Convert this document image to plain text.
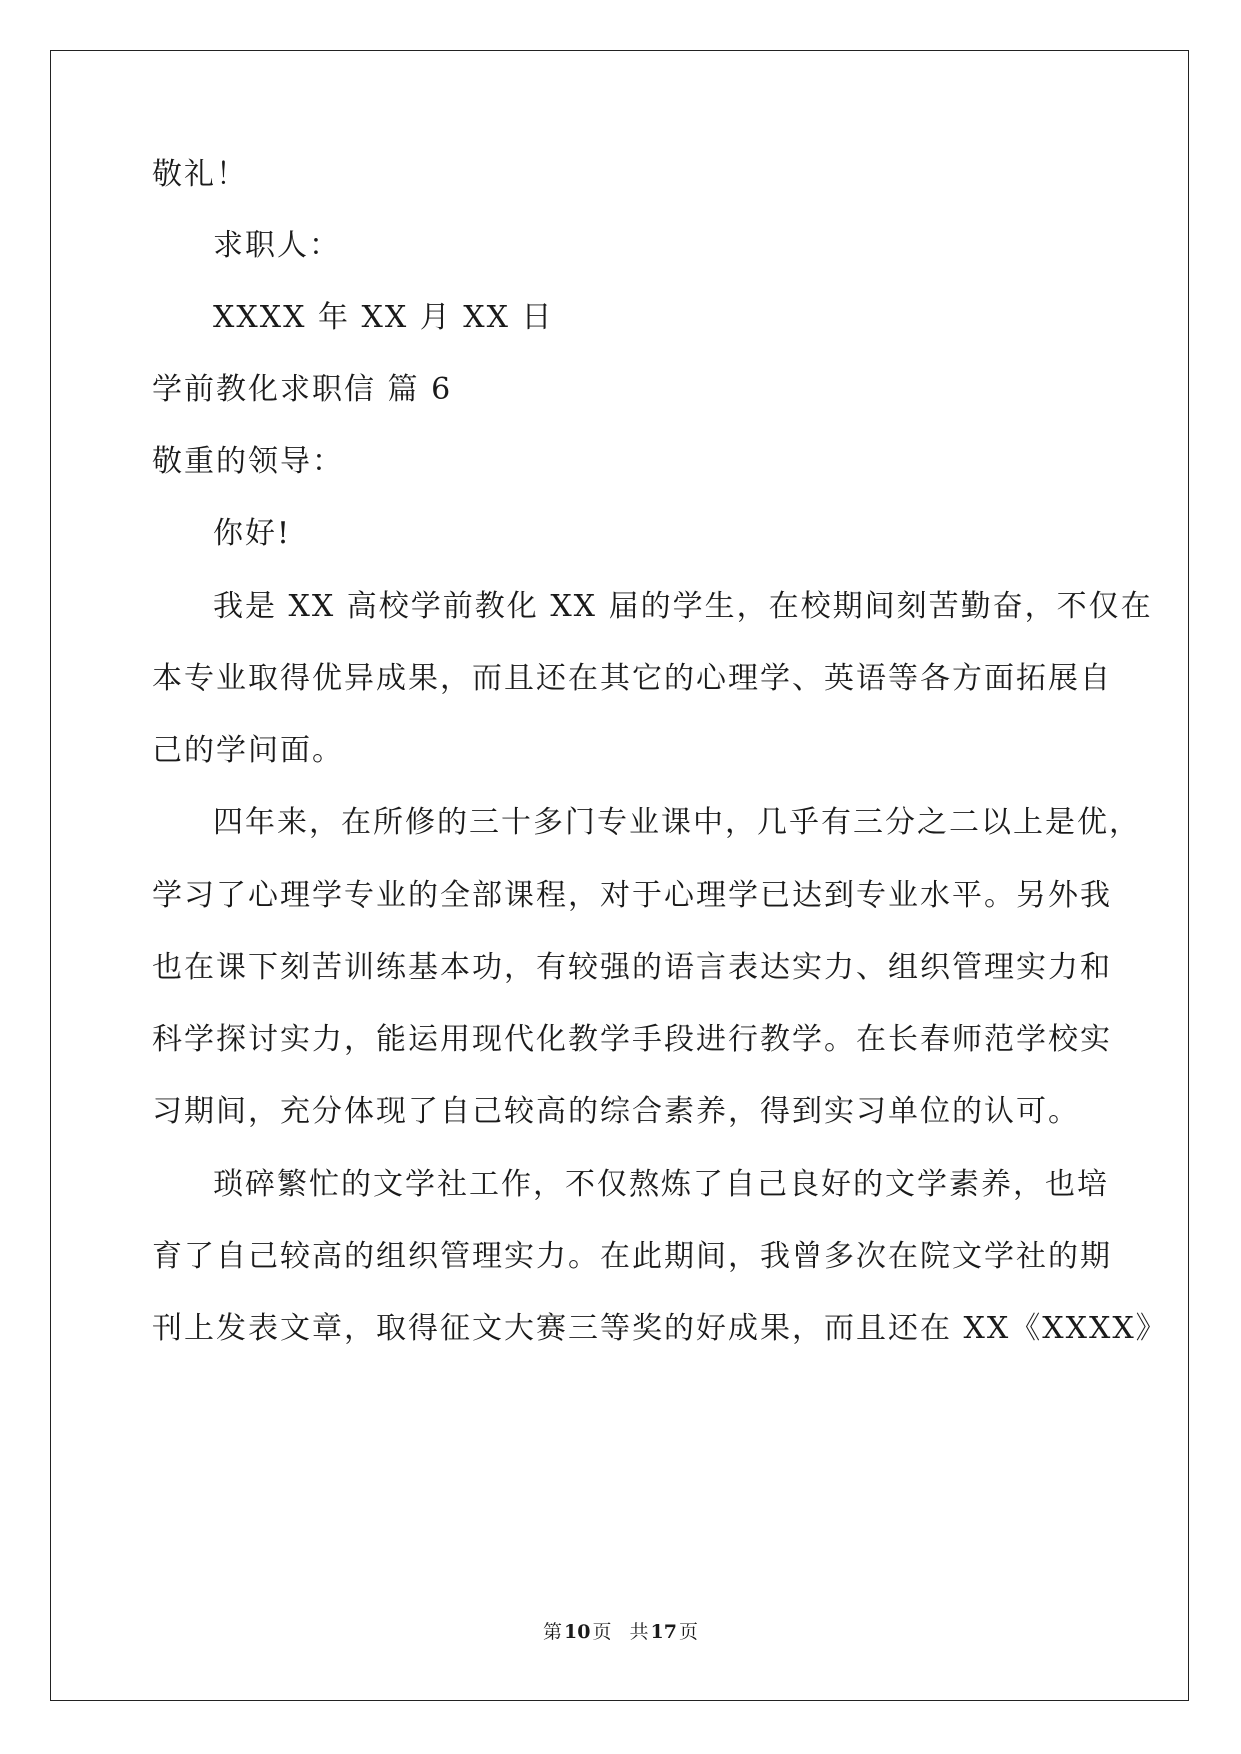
敬礼！
求职人：
XXXX 年 XX 月 XX 日
学前教化求职信 篇 6
敬重的领导：
你好!
我是 XX 高校学前教化 XX 届的学生，在校期间刻苦勤奋，不仅在
本专业取得优异成果，而且还在其它的心理学、英语等各方面拓展自
己的学问面。
四年来，在所修的三十多门专业课中，几乎有三分之二以上是优，
学习了心理学专业的全部课程，对于心理学已达到专业水平。另外我
也在课下刻苦训练基本功，有较强的语言表达实力、组织管理实力和
科学探讨实力，能运用现代化教学手段进行教学。在长春师范学校实
习期间，充分体现了自己较高的综合素养，得到实习单位的认可。
琐碎繁忙的文学社工作，不仅熬炼了自己良好的文学素养，也培
育了自己较高的组织管理实力。在此期间，我曾多次在院文学社的期
刊上发表文章，取得征文大赛三等奖的好成果，而且还在 XX《XXXX》
第 10 页 共 17 页
